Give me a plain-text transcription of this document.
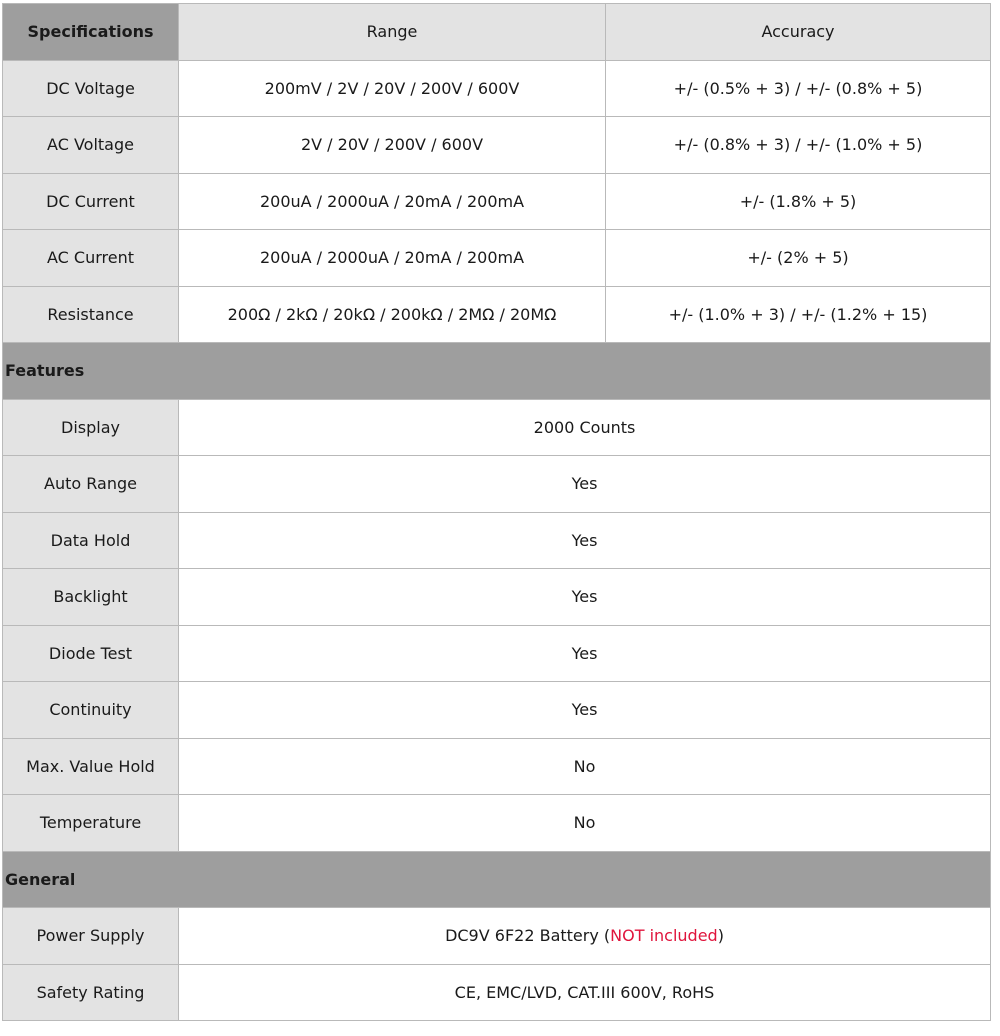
Specifications	Range	Accuracy
DC Voltage	200mV / 2V / 20V / 200V / 600V	+/- (0.5% + 3) / +/- (0.8% + 5)
AC Voltage	2V / 20V / 200V / 600V	+/- (0.8% + 3) / +/- (1.0% + 5)
DC Current	200uA / 2000uA / 20mA / 200mA	+/- (1.8% + 5)
AC Current	200uA / 2000uA / 20mA / 200mA	+/- (2% + 5)
Resistance	200Ω / 2kΩ / 20kΩ / 200kΩ / 2MΩ / 20MΩ	+/- (1.0% + 3) / +/- (1.2% + 15)
Features		
Display	2000 Counts	
Auto Range	Yes	
Data Hold	Yes	
Backlight	Yes	
Diode Test	Yes	
Continuity	Yes	
Max. Value Hold	No	
Temperature	No	
General		
Power Supply	DC9V 6F22 Battery (NOT included)	
Safety Rating	CE, EMC/LVD, CAT.III 600V, RoHS	
